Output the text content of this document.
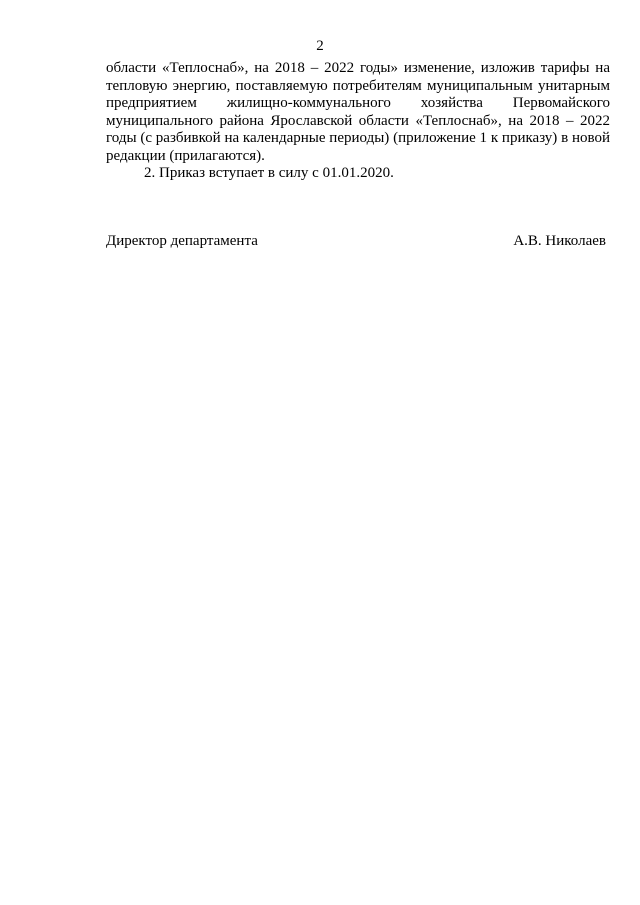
2

области «Теплоснаб», на 2018 – 2022 годы» изменение, изложив тарифы на тепловую энергию, поставляемую потребителям муниципальным унитарным предприятием жилищно-коммунального хозяйства Первомайского муниципального района Ярославской области «Теплоснаб», на 2018 – 2022 годы (с разбивкой на календарные периоды) (приложение 1 к приказу) в новой редакции (прилагаются).

2. Приказ вступает в силу с 01.01.2020.

Директор департамента	А.В. Николаев
